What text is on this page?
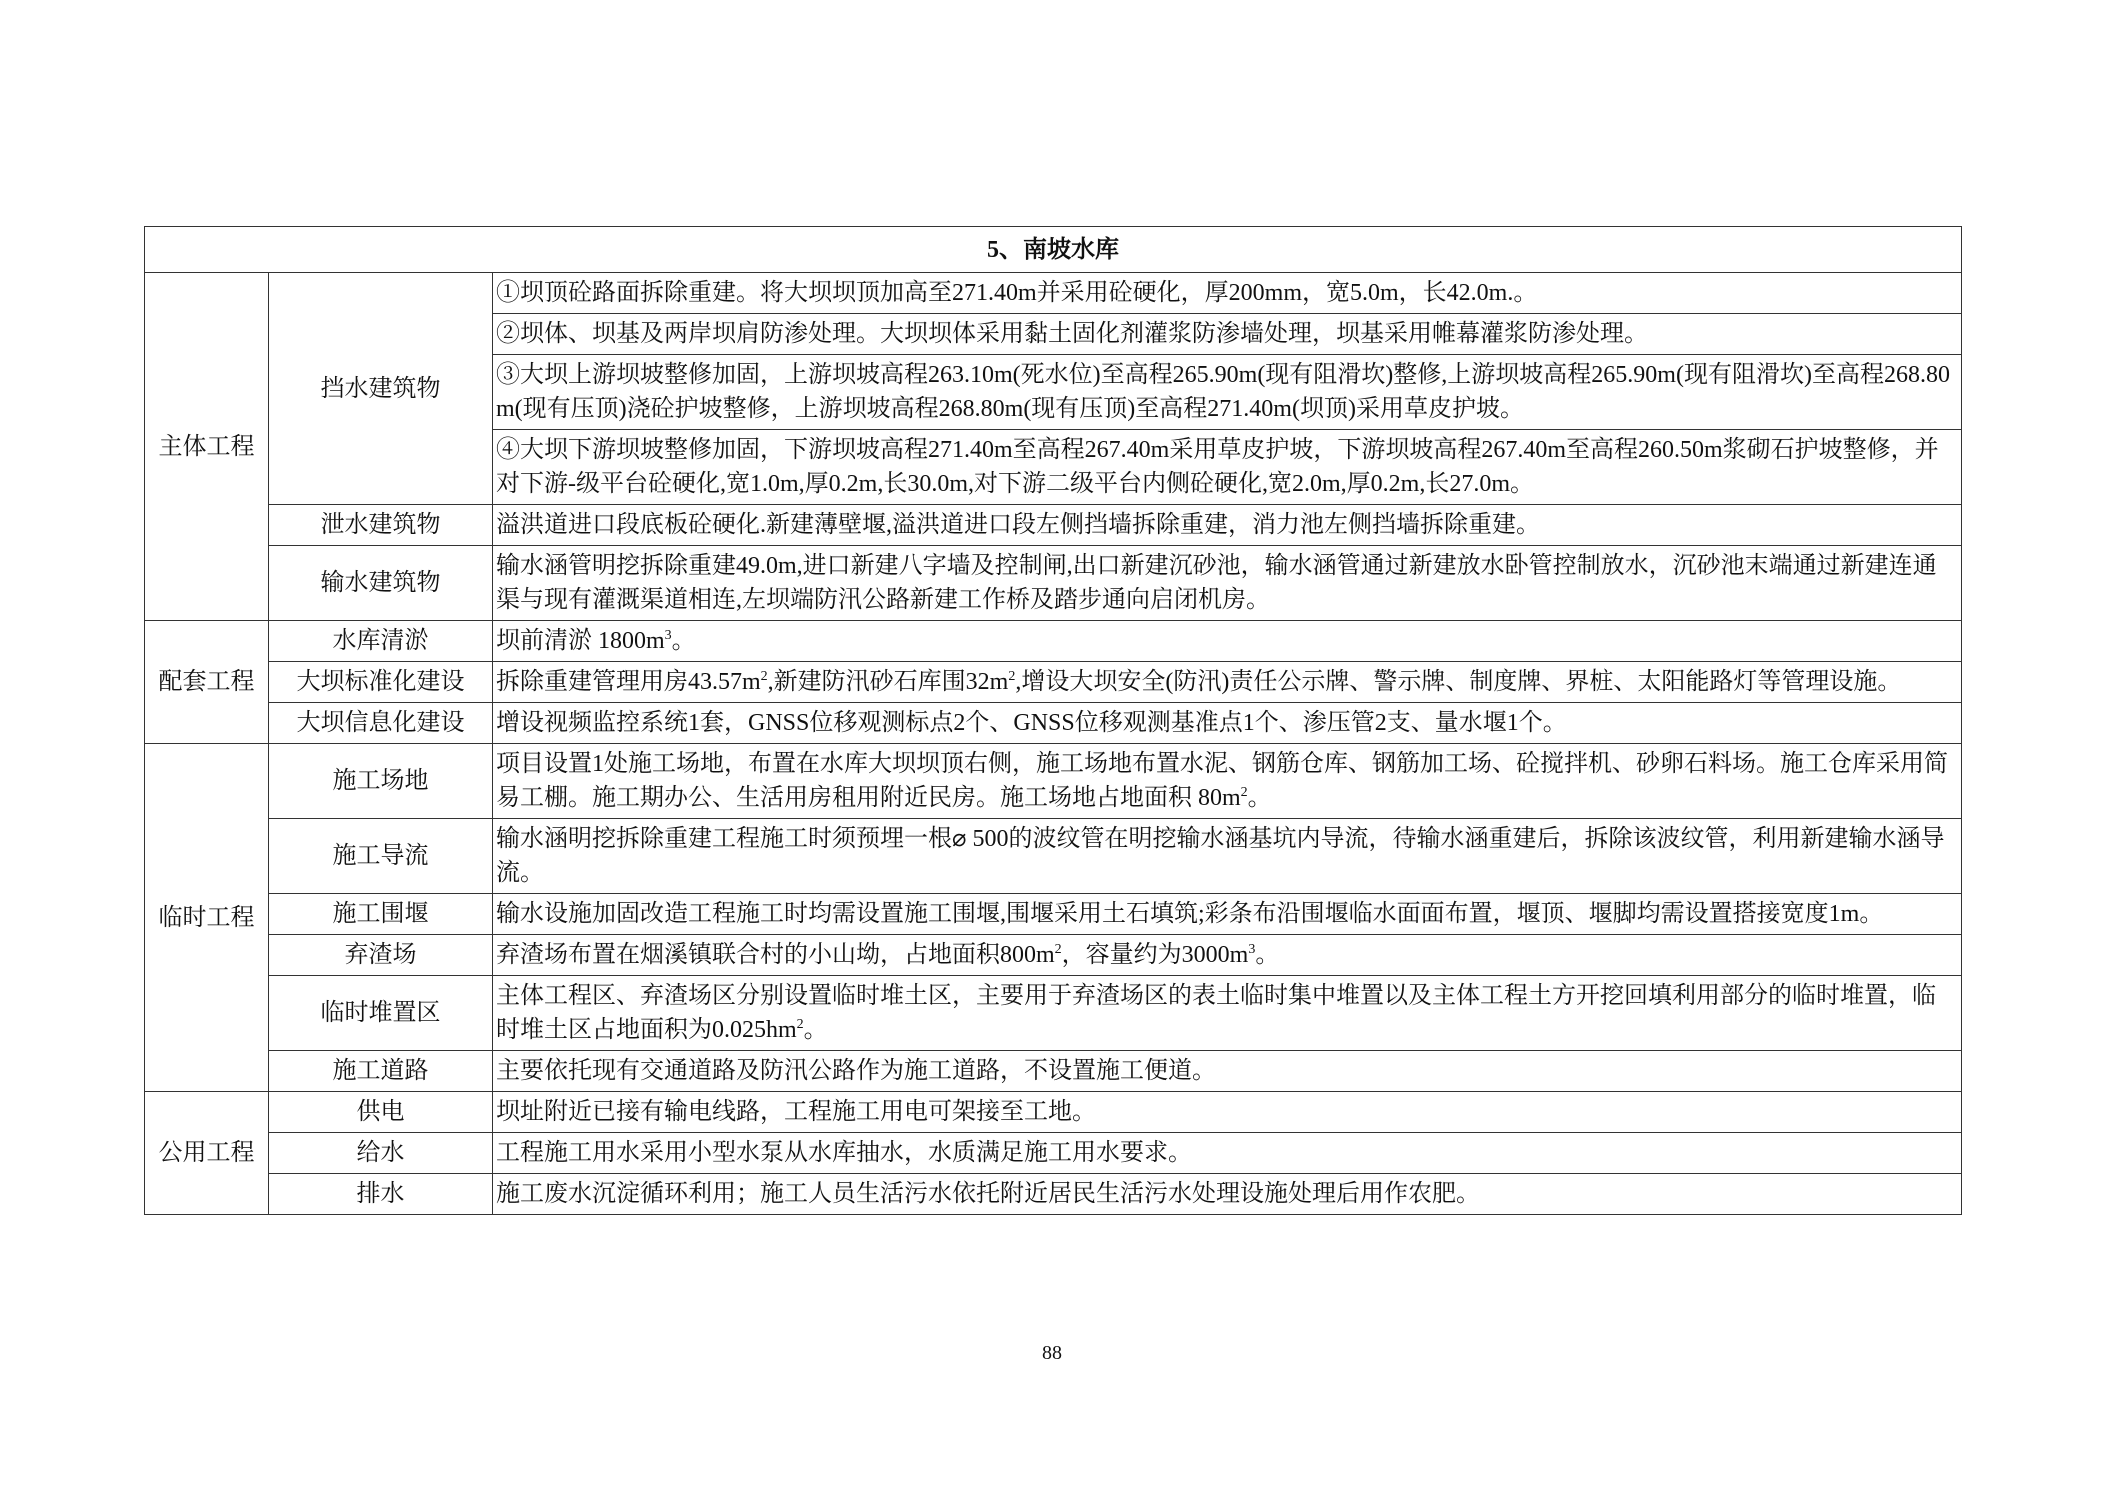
5、南坡水库		
主体工程	挡水建筑物	①坝顶砼路面拆除重建。将大坝坝顶加高至271.40m并采用砼硬化，厚200mm，宽5.0m，长42.0m.。
		②坝体、坝基及两岸坝肩防渗处理。大坝坝体采用黏土固化剂灌浆防渗墙处理，坝基采用帷幕灌浆防渗处理。
		③大坝上游坝坡整修加固，上游坝坡高程263.10m(死水位)至高程265.90m(现有阻滑坎)整修,上游坝坡高程265.90m(现有阻滑坎)至高程268.80m(现有压顶)浇砼护坡整修，上游坝坡高程268.80m(现有压顶)至高程271.40m(坝顶)采用草皮护坡。
		④大坝下游坝坡整修加固，下游坝坡高程271.40m至高程267.40m采用草皮护坡，下游坝坡高程267.40m至高程260.50m浆砌石护坡整修，并对下游-级平台砼硬化,宽1.0m,厚0.2m,长30.0m,对下游二级平台内侧砼硬化,宽2.0m,厚0.2m,长27.0m。
	泄水建筑物	溢洪道进口段底板砼硬化.新建薄壁堰,溢洪道进口段左侧挡墙拆除重建，消力池左侧挡墙拆除重建。
	输水建筑物	输水涵管明挖拆除重建49.0m,进口新建八字墙及控制闸,出口新建沉砂池，输水涵管通过新建放水卧管控制放水，沉砂池末端通过新建连通渠与现有灌溉渠道相连,左坝端防汛公路新建工作桥及踏步通向启闭机房。
配套工程	水库清淤	坝前清淤 $1800m^3$。
	大坝标准化建设	拆除重建管理用房$43.57m^2$,新建防汛砂石库围$32m^2$,增设大坝安全(防汛)责任公示牌、警示牌、制度牌、界桩、太阳能路灯等管理设施。
	大坝信息化建设	增设视频监控系统1套，GNSS位移观测标点2个、GNSS位移观测基准点1个、渗压管2支、量水堰1个。
临时工程	施工场地	项目设置1处施工场地，布置在水库大坝坝顶右侧，施工场地布置水泥、钢筋仓库、钢筋加工场、砼搅拌机、砂卵石料场。施工仓库采用简易工棚。施工期办公、生活用房租用附近民房。施工场地占地面积 $80m^2$。
	施工导流	输水涵明挖拆除重建工程施工时须预埋一根⌀ 500的波纹管在明挖输水涵基坑内导流，待输水涵重建后，拆除该波纹管，利用新建输水涵导流。
	施工围堰	输水设施加固改造工程施工时均需设置施工围堰,围堰采用土石填筑;彩条布沿围堰临水面面布置，堰顶、堰脚均需设置搭接宽度1m。
	弃渣场	弃渣场布置在烟溪镇联合村的小山坳，占地面积$800m^2$，容量约为$3000m^3$。
	临时堆置区	主体工程区、弃渣场区分别设置临时堆土区，主要用于弃渣场区的表土临时集中堆置以及主体工程土方开挖回填利用部分的临时堆置，临时堆土区占地面积为$0.025hm^2$。
	施工道路	主要依托现有交通道路及防汛公路作为施工道路，不设置施工便道。
公用工程	供电	坝址附近已接有输电线路，工程施工用电可架接至工地。
	给水	工程施工用水采用小型水泵从水库抽水，水质满足施工用水要求。
	排水	施工废水沉淀循环利用；施工人员生活污水依托附近居民生活污水处理设施处理后用作农肥。
88
